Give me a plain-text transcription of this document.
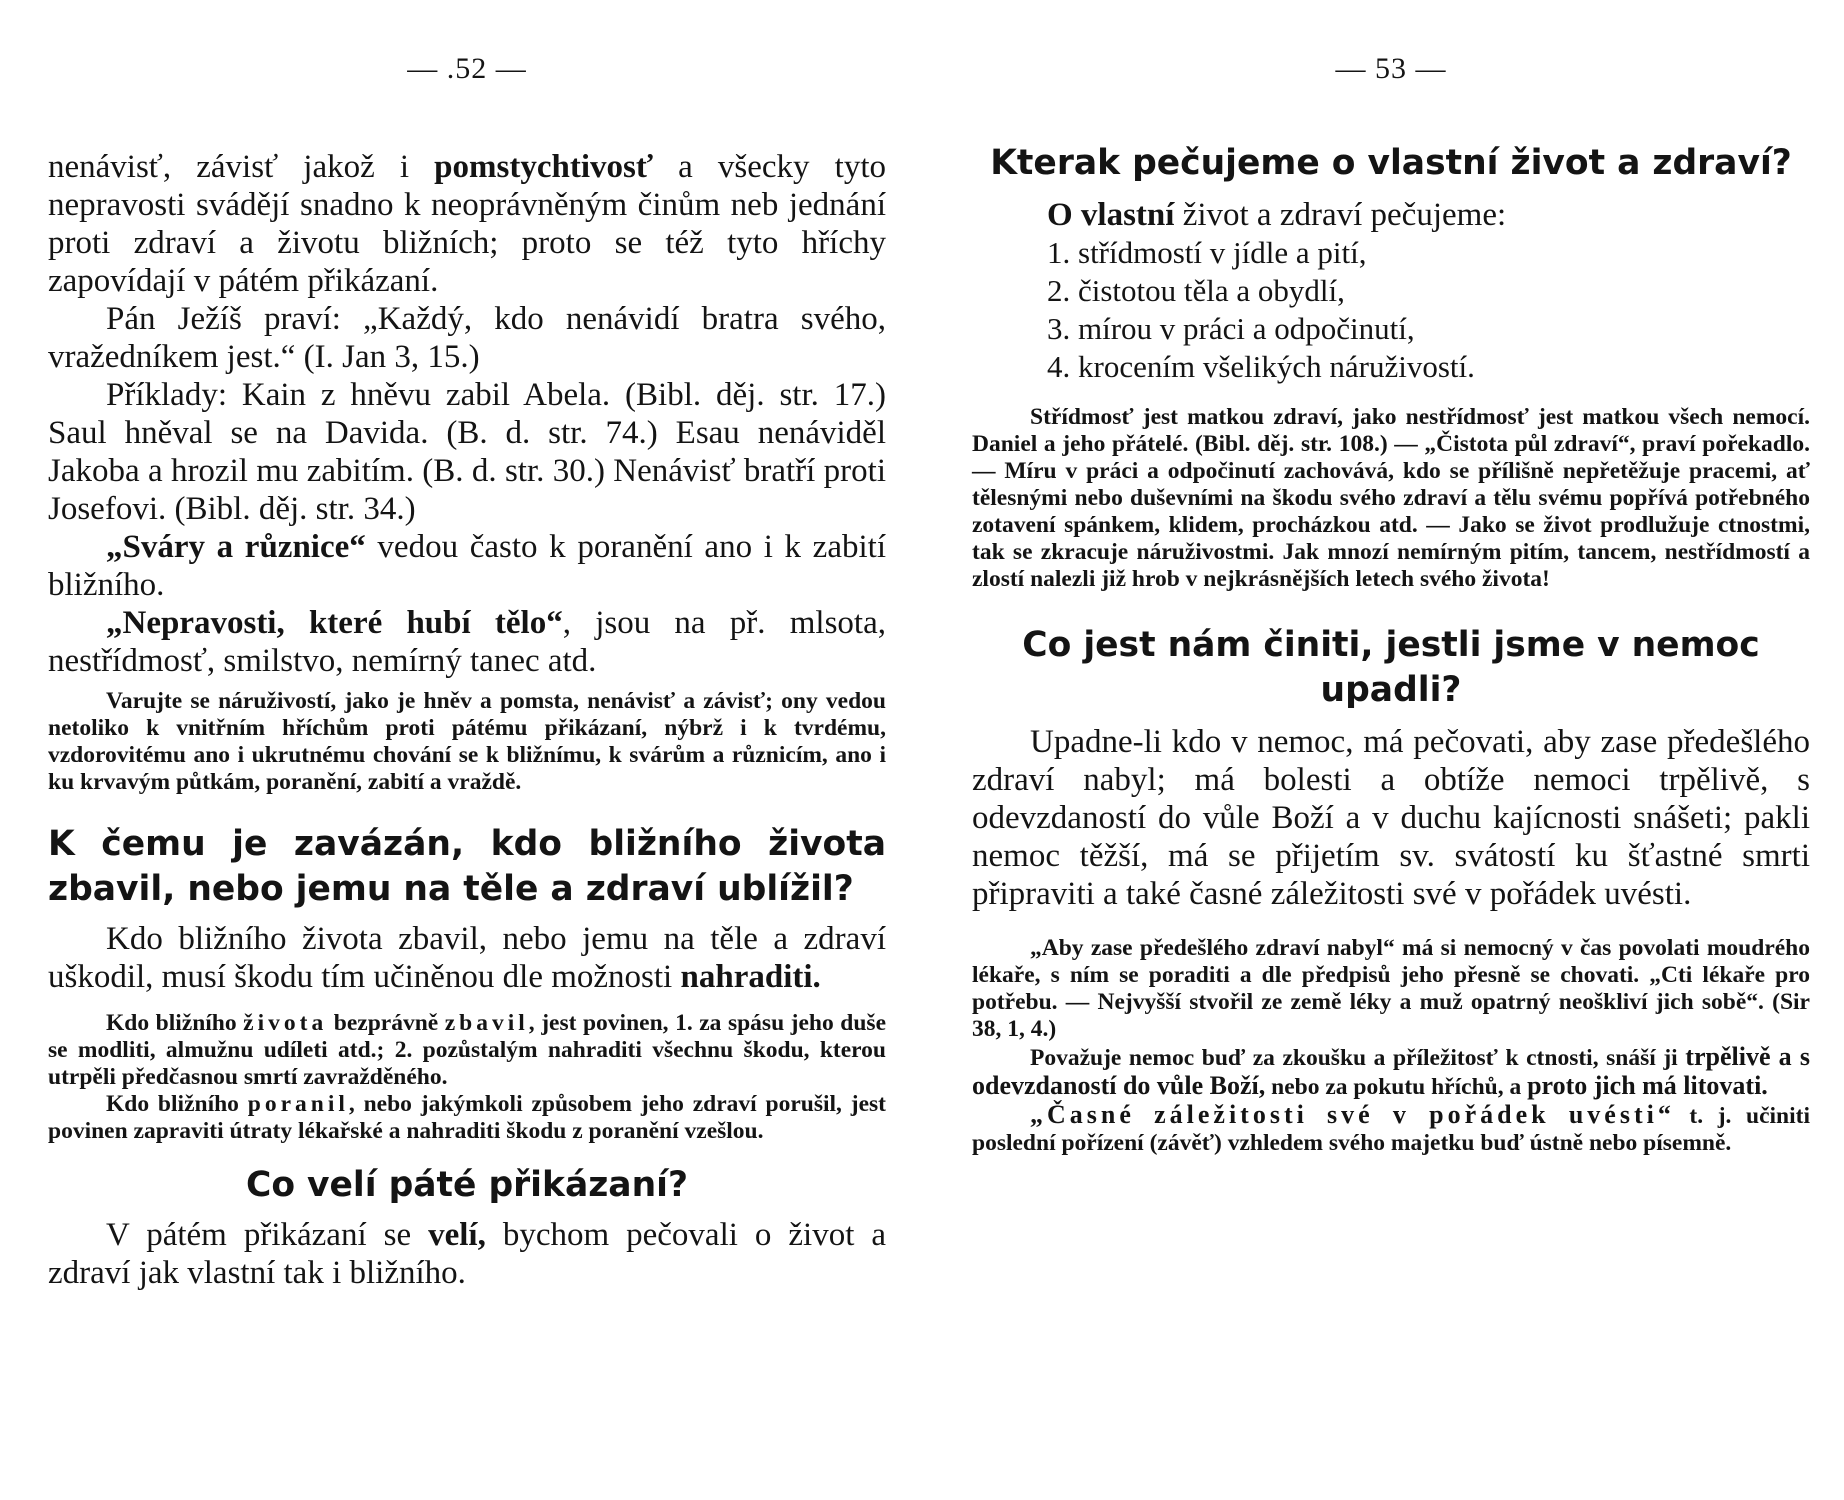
— .52 —

nenávisť, závisť jakož i pomstychtivosť a všecky tyto nepravosti svádějí snadno k neoprávněným činům neb jednání proti zdraví a životu bližních; proto se též tyto hříchy zapovídají v pátém přikázaní.

Pán Ježíš praví: „Každý, kdo nenávidí bratra svého, vražedníkem jest.“ (I. Jan 3, 15.)

Příklady: Kain z hněvu zabil Abela. (Bibl. děj. str. 17.) Saul hněval se na Davida. (B. d. str. 74.) Esau nenáviděl Jakoba a hrozil mu zabitím. (B. d. str. 30.) Nenávisť bratří proti Josefovi. (Bibl. děj. str. 34.)

„Sváry a různice“ vedou často k poranění ano i k zabití bližního.

„Nepravosti, které hubí tělo“, jsou na př. mlsota, nestřídmosť, smilstvo, nemírný tanec atd.

Varujte se náruživostí, jako je hněv a pomsta, nenávisť a závisť; ony vedou netoliko k vnitřním hříchům proti pátému přikázaní, nýbrž i k tvrdému, vzdorovitému ano i ukrutnému chování se k bližnímu, k svárům a různicím, ano i ku krvavým půtkám, poranění, zabití a vraždě.

K čemu je zavázán, kdo bližního života zbavil, nebo jemu na těle a zdraví ublížil?

Kdo bližního života zbavil, nebo jemu na těle a zdraví uškodil, musí škodu tím učiněnou dle možnosti nahraditi.

Kdo bližního života bezprávně zbavil, jest povinen, 1. za spásu jeho duše se modliti, almužnu udíleti atd.; 2. pozůstalým nahraditi všechnu škodu, kterou utrpěli předčasnou smrtí zavražděného.

Kdo bližního poranil, nebo jakýmkoli způsobem jeho zdraví porušil, jest povinen zapraviti útraty lékařské a nahraditi škodu z poranění vzešlou.

Co velí páté přikázaní?

V pátém přikázaní se velí, bychom pečovali o život a zdraví jak vlastní tak i bližního.

— 53 —

Kterak pečujeme o vlastní život a zdraví?

O vlastní život a zdraví pečujeme:

1. střídmostí v jídle a pití,
2. čistotou těla a obydlí,
3. mírou v práci a odpočinutí,
4. krocením všelikých náruživostí.

Střídmosť jest matkou zdraví, jako nestřídmosť jest matkou všech nemocí. Daniel a jeho přátelé. (Bibl. děj. str. 108.) — „Čistota půl zdraví“, praví pořekadlo. — Míru v práci a odpočinutí zachovává, kdo se přílišně nepřetěžuje pracemi, ať tělesnými nebo duševními na škodu svého zdraví a tělu svému popřívá potřebného zotavení spánkem, klidem, procházkou atd. — Jako se život prodlužuje ctnostmi, tak se zkracuje náruživostmi. Jak mnozí nemírným pitím, tancem, nestřídmostí a zlostí nalezli již hrob v nejkrásnějších letech svého života!

Co jest nám činiti, jestli jsme v nemoc upadli?

Upadne-li kdo v nemoc, má pečovati, aby zase předešlého zdraví nabyl; má bolesti a obtíže nemoci trpělivě, s odevzdaností do vůle Boží a v duchu kajícnosti snášeti; pakli nemoc těžší, má se přijetím sv. svátostí ku šťastné smrti připraviti a také časné záležitosti své v pořádek uvésti.

„Aby zase předešlého zdraví nabyl“ má si nemocný v čas povolati moudrého lékaře, s ním se poraditi a dle předpisů jeho přesně se chovati. „Cti lékaře pro potřebu. — Nejvyšší stvořil ze země léky a muž opatrný neoškliví jich sobě“. (Sir 38, 1, 4.)

Považuje nemoc buď za zkoušku a příležitosť k ctnosti, snáší ji trpělivě a s odevzdaností do vůle Boží, nebo za pokutu hříchů, a proto jich má litovati.

„Časné záležitosti své v pořádek uvésti“ t. j. učiniti poslední pořízení (závěť) vzhledem svého majetku buď ústně nebo písemně.
